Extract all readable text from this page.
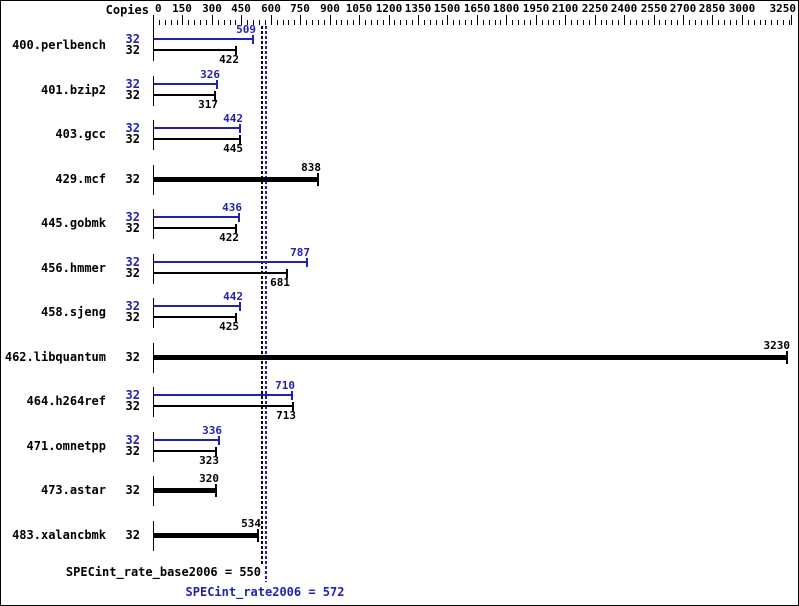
Copies 0 150 300 450 600 750 900 1050 1200 1350 1500 1650 1800 1950 2100 2250 2400 2550 2700 2850 3000 3250
400.perlbench	32
32
509
422
401.bzip2	32
32
326
317
403.gcc	32
32
442
445
429.mcf	32
838
445.gobmk	32
32
436
422
456.hmmer	32
32
787
681
458.sjeng	32
32
442
425
462.libquantum	32
3230
464.h264ref	32
32
710
713
471.omnetpp	32
32
336
323
473.astar	32
320
483.xalancbmk	32
534
SPECint_rate_base2006 = 550
SPECint_rate2006 = 572
